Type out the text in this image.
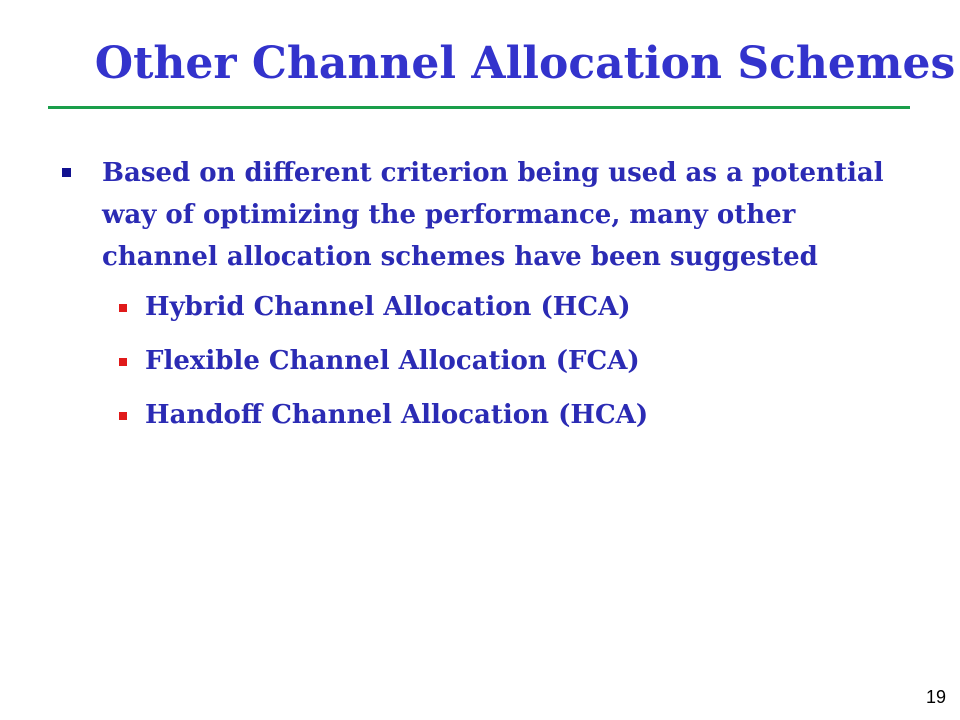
Other Channel Allocation Schemes
Based on different criterion being used as a potential way of optimizing the performance, many other channel allocation schemes have been suggested
Hybrid Channel Allocation (HCA)
Flexible Channel Allocation (FCA)
Handoff Channel Allocation (HCA)
19
